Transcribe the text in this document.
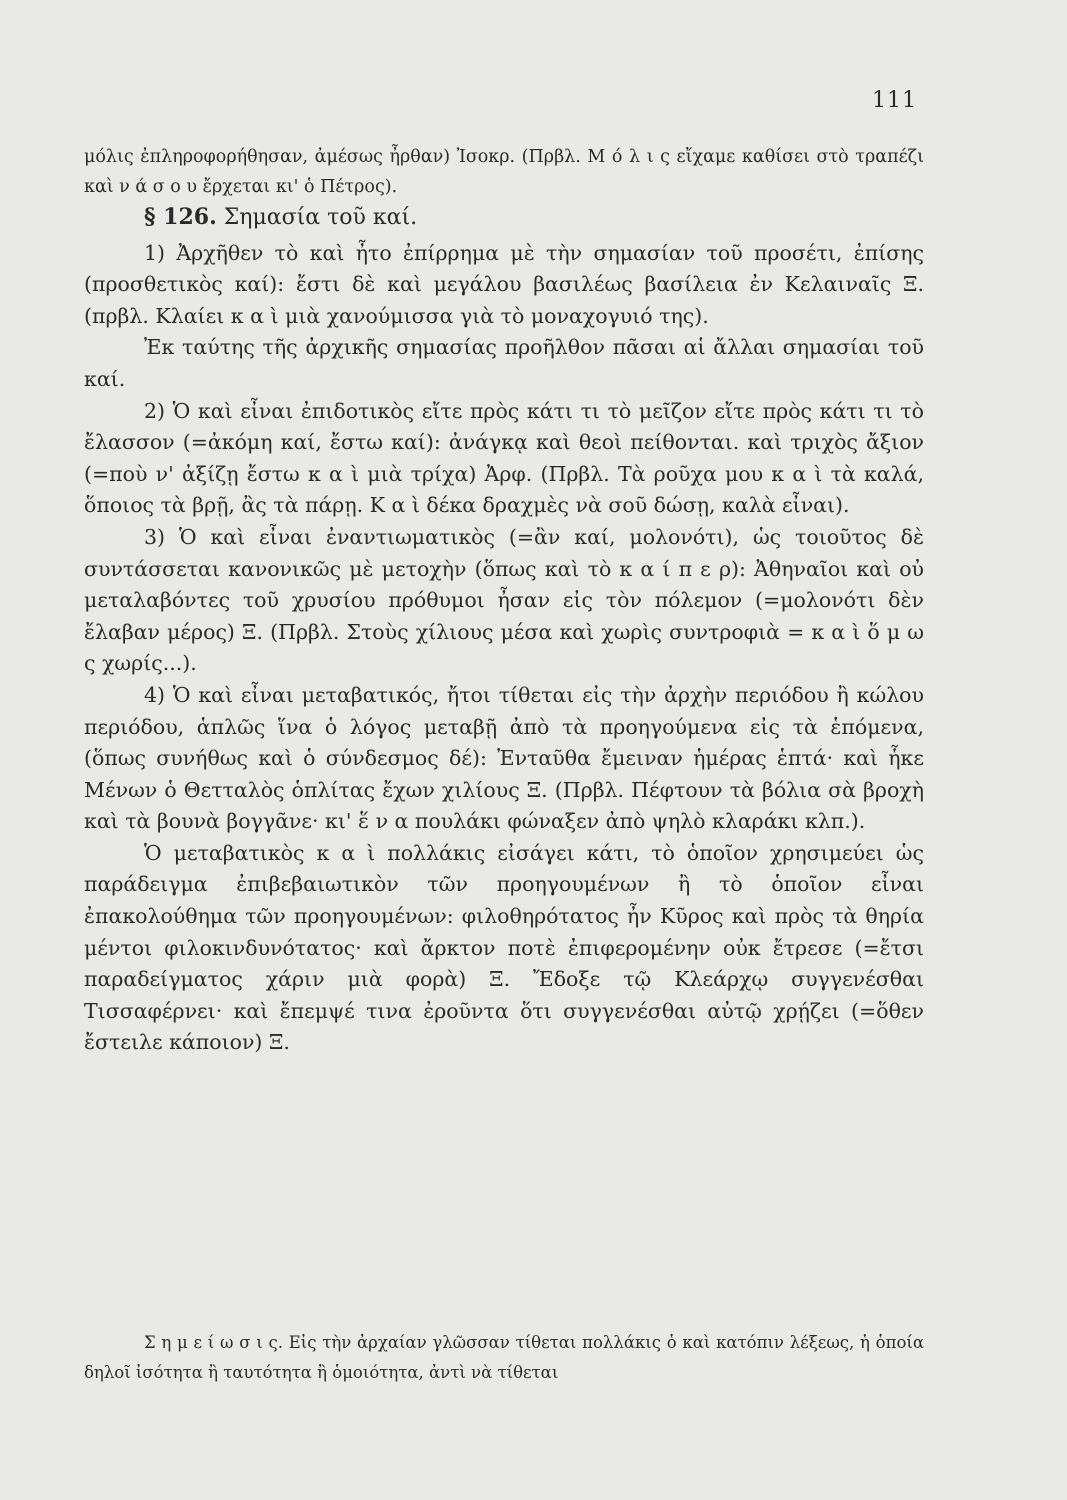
111

μόλις ἐπληροφορήθησαν, ἀμέσως ἦρθαν) Ἰσοκρ. (Πρβλ. Μ ό λ ι ς εἴχαμε καθίσει στὸ τραπέζι καὶ ν ά σ ο υ ἔρχεται κι' ὁ Πέτρος).

§ 126. Σημασία τοῦ καί.

1) Ἀρχῆθεν τὸ καὶ ἦτο ἐπίρρημα μὲ τὴν σημασίαν τοῦ προσέτι, ἐπίσης (προσθετικὸς καί): ἔστι δὲ καὶ μεγάλου βασιλέως βασίλεια ἐν Κελαιναῖς Ξ. (πρβλ. Κλαίει κ α ὶ μιὰ χανούμισσα γιὰ τὸ μοναχογυιό της).

Ἐκ ταύτης τῆς ἀρχικῆς σημασίας προῆλθον πᾶσαι αἱ ἄλλαι σημασίαι τοῦ καί.

2) Ὁ καὶ εἶναι ἐπιδοτικὸς εἴτε πρὸς κάτι τι τὸ μεῖζον εἴτε πρὸς κάτι τι τὸ ἔλασσον (=ἀκόμη καί, ἔστω καί): ἀνάγκᾳ καὶ θεοὶ πείθονται. καὶ τριχὸς ἄξιον (=ποὺ ν' ἀξίζῃ ἔστω κ α ὶ μιὰ τρίχα) Ἀρφ. (Πρβλ. Τὰ ροῦχα μου κ α ὶ τὰ καλά, ὅποιος τὰ βρῇ, ἂς τὰ πάρῃ. Κ α ὶ δέκα δραχμὲς νὰ σοῦ δώσῃ, καλὰ εἶναι).

3) Ὁ καὶ εἶναι ἐναντιωματικὸς (=ἂν καί, μολονότι), ὡς τοιοῦτος δὲ συντάσσεται κανονικῶς μὲ μετοχὴν (ὅπως καὶ τὸ κ α ί π ε ρ): Ἀθηναῖοι καὶ οὐ μεταλαβόντες τοῦ χρυσίου πρόθυμοι ἦσαν εἰς τὸν πόλεμον (=μολονότι δὲν ἔλαβαν μέρος) Ξ. (Πρβλ. Στοὺς χίλιους μέσα καὶ χωρὶς συντροφιὰ = κ α ὶ ὅ μ ω ς χωρίς...).

4) Ὁ καὶ εἶναι μεταβατικός, ἤτοι τίθεται εἰς τὴν ἀρχὴν περιόδου ἢ κώλου περιόδου, ἁπλῶς ἵνα ὁ λόγος μεταβῇ ἀπὸ τὰ προηγούμενα εἰς τὰ ἑπόμενα, (ὅπως συνήθως καὶ ὁ σύνδεσμος δέ): Ἐνταῦθα ἔμειναν ἡμέρας ἑπτά· καὶ ἧκε Μένων ὁ Θετταλὸς ὁπλίτας ἔχων χιλίους Ξ. (Πρβλ. Πέφτουν τὰ βόλια σὰ βροχὴ καὶ τὰ βουνὰ βογγᾶνε· κι' ἕ ν α πουλάκι φώναξεν ἀπὸ ψηλὸ κλαράκι κλπ.).

Ὁ μεταβατικὸς κ α ὶ πολλάκις εἰσάγει κάτι, τὸ ὁποῖον χρησιμεύει ὡς παράδειγμα ἐπιβεβαιωτικὸν τῶν προηγουμένων ἢ τὸ ὁποῖον εἶναι ἐπακολούθημα τῶν προηγουμένων: φιλοθηρότατος ἦν Κῦρος καὶ πρὸς τὰ θηρία μέντοι φιλοκινδυνότατος· καὶ ἄρκτον ποτὲ ἐπιφερομένην οὐκ ἔτρεσε (=ἔτσι παραδείγματος χάριν μιὰ φορὰ) Ξ. Ἔδοξε τῷ Κλεάρχῳ συγγενέσθαι Τισσαφέρνει· καὶ ἔπεμψέ τινα ἐροῦντα ὅτι συγγενέσθαι αὐτῷ χρῄζει (=ὅθεν ἔστειλε κάποιον) Ξ.

Σ η μ ε ί ω σ ι ς. Εἰς τὴν ἀρχαίαν γλῶσσαν τίθεται πολλάκις ὁ καὶ κατόπιν λέξεως, ἡ ὁποία δηλοῖ ἰσότητα ἢ ταυτότητα ἢ ὁμοιότητα, ἀντὶ νὰ τίθεται
